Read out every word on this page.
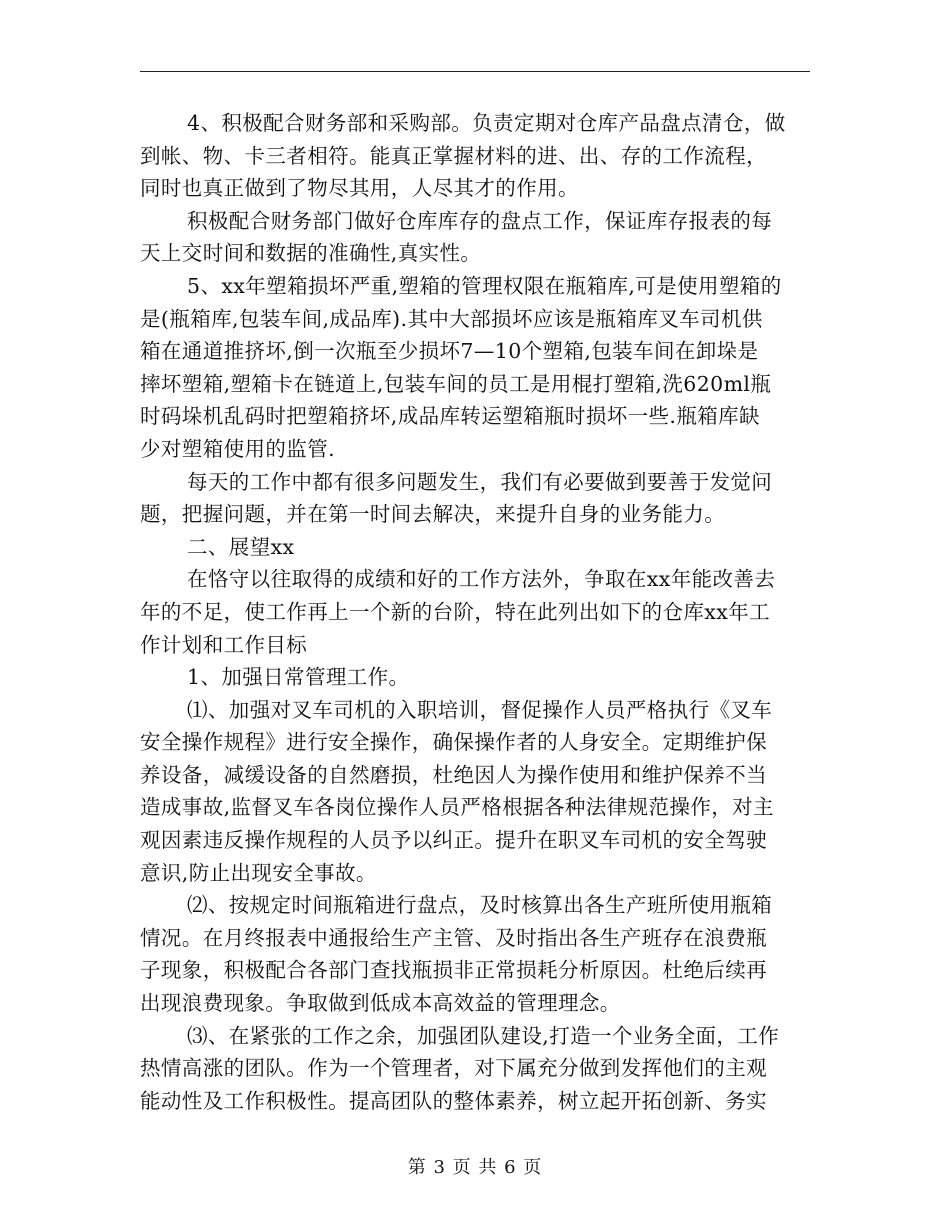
4、积极配合财务部和采购部。负责定期对仓库产品盘点清仓，做
到帐、物、卡三者相符。能真正掌握材料的进、出、存的工作流程，
同时也真正做到了物尽其用，人尽其才的作用。
积极配合财务部门做好仓库库存的盘点工作，保证库存报表的每
天上交时间和数据的准确性,真实性。
5、xx年塑箱损坏严重,塑箱的管理权限在瓶箱库,可是使用塑箱的
是(瓶箱库,包装车间,成品库).其中大部损坏应该是瓶箱库叉车司机供
箱在通道推挤坏,倒一次瓶至少损坏7—10个塑箱,包装车间在卸垛是
摔坏塑箱,塑箱卡在链道上,包装车间的员工是用棍打塑箱,洗620ml瓶
时码垛机乱码时把塑箱挤坏,成品库转运塑箱瓶时损坏一些.瓶箱库缺
少对塑箱使用的监管.
每天的工作中都有很多问题发生，我们有必要做到要善于发觉问
题，把握问题，并在第一时间去解决，来提升自身的业务能力。
二、展望xx
在恪守以往取得的成绩和好的工作方法外，争取在xx年能改善去
年的不足，使工作再上一个新的台阶，特在此列出如下的仓库xx年工
作计划和工作目标
1、加强日常管理工作。
⑴、加强对叉车司机的入职培训，督促操作人员严格执行《叉车
安全操作规程》进行安全操作，确保操作者的人身安全。定期维护保
养设备，减缓设备的自然磨损，杜绝因人为操作使用和维护保养不当
造成事故,监督叉车各岗位操作人员严格根据各种法律规范操作，对主
观因素违反操作规程的人员予以纠正。提升在职叉车司机的安全驾驶
意识,防止出现安全事故。
⑵、按规定时间瓶箱进行盘点，及时核算出各生产班所使用瓶箱
情况。在月终报表中通报给生产主管、及时指出各生产班存在浪费瓶
子现象，积极配合各部门查找瓶损非正常损耗分析原因。杜绝后续再
出现浪费现象。争取做到低成本高效益的管理理念。
⑶、在紧张的工作之余，加强团队建设,打造一个业务全面，工作
热情高涨的团队。作为一个管理者，对下属充分做到发挥他们的主观
能动性及工作积极性。提高团队的整体素养，树立起开拓创新、务实
第 3 页 共 6 页
